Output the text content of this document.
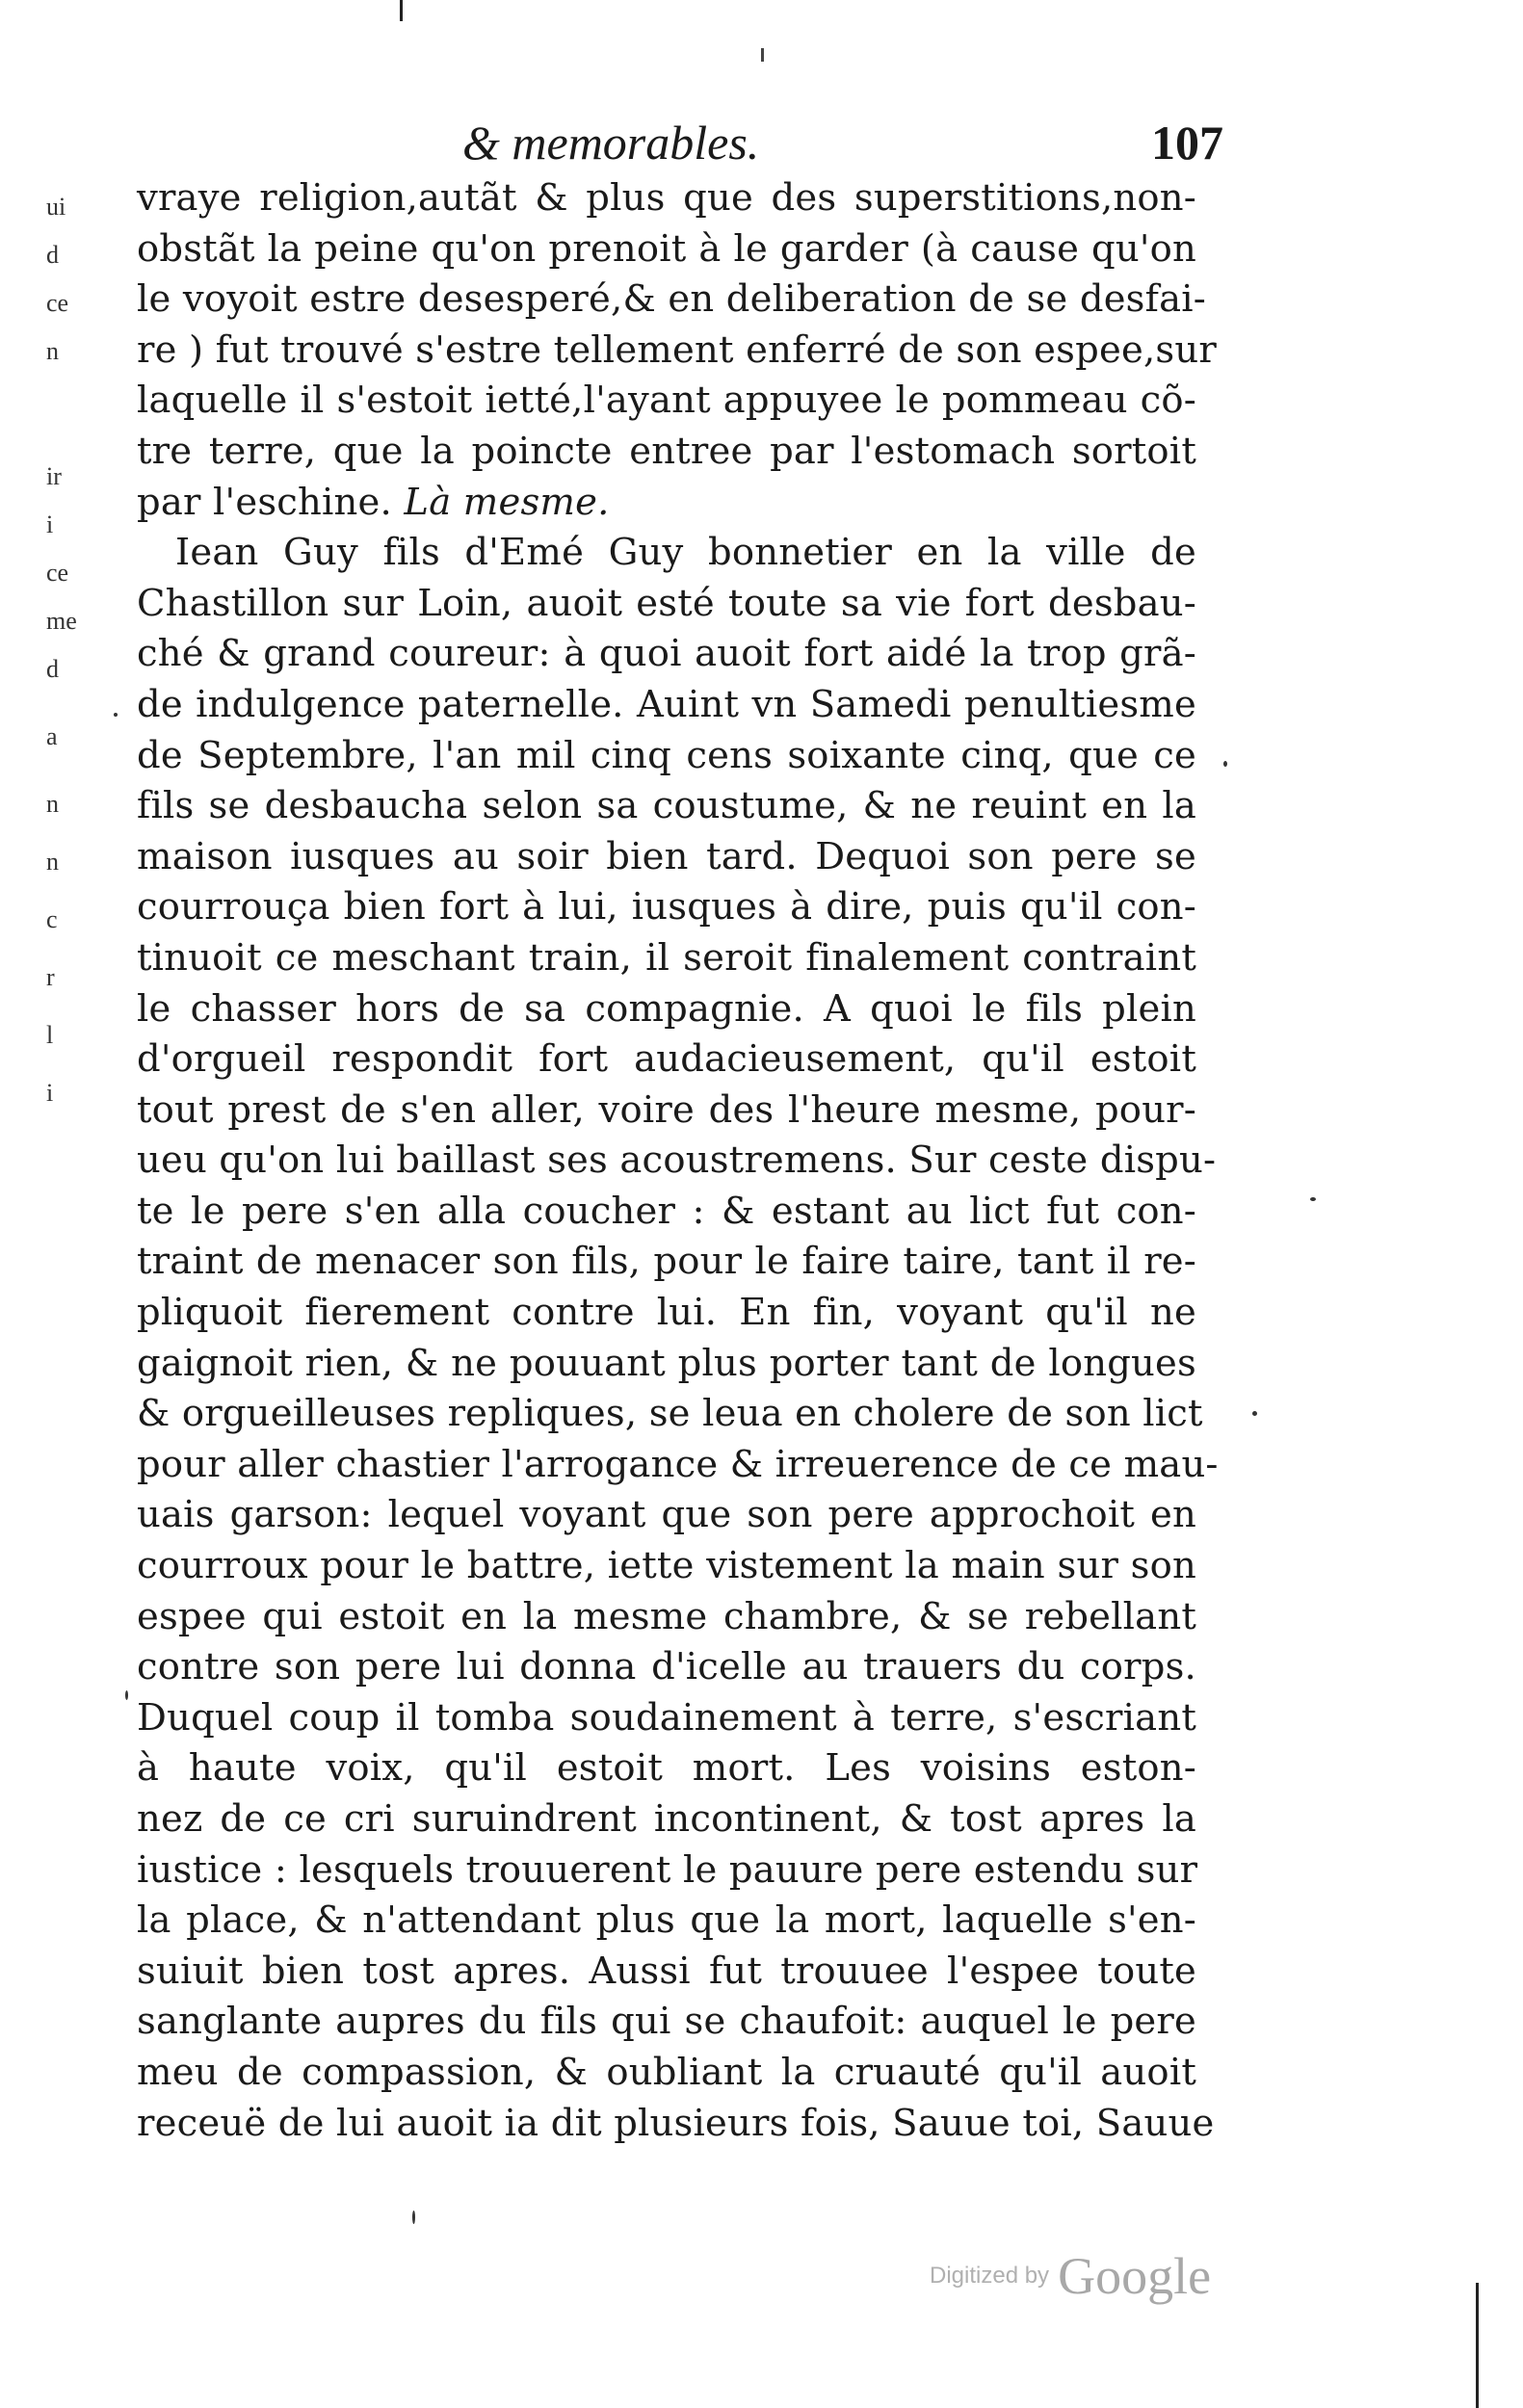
ui
d
ce
n
ir
i
ce
me
d
a
n
n
c
r
l
i
& memorables.	107
vraye religion,autãt & plus que des superstitions,non-
obstãt la peine qu'on prenoit à le garder (à cause qu'on
le voyoit estre desesperé,& en deliberation de se desfai-
re ) fut trouvé s'estre tellement enferré de son espee,sur
laquelle il s'estoit ietté,l'ayant appuyee le pommeau cõ-
tre terre, que la poincte entree par l'estomach sortoit
par l'eschine. Là mesme.
Iean Guy fils d'Emé Guy bonnetier en la ville de
Chastillon sur Loin, auoit esté toute sa vie fort desbau-
ché & grand coureur: à quoi auoit fort aidé la trop grã-
de indulgence paternelle. Auint vn Samedi penultiesme
de Septembre, l'an mil cinq cens soixante cinq, que ce
fils se desbaucha selon sa coustume, & ne reuint en la
maison iusques au soir bien tard. Dequoi son pere se
courrouça bien fort à lui, iusques à dire, puis qu'il con-
tinuoit ce meschant train, il seroit finalement contraint
le chasser hors de sa compagnie. A quoi le fils plein
d'orgueil respondit fort audacieusement, qu'il estoit
tout prest de s'en aller, voire des l'heure mesme, pour-
ueu qu'on lui baillast ses acoustremens. Sur ceste dispu-
te le pere s'en alla coucher : & estant au lict fut con-
traint de menacer son fils, pour le faire taire, tant il re-
pliquoit fierement contre lui. En fin, voyant qu'il ne
gaignoit rien, & ne pouuant plus porter tant de longues
& orgueilleuses repliques, se leua en cholere de son lict
pour aller chastier l'arrogance & irreuerence de ce mau-
uais garson: lequel voyant que son pere approchoit en
courroux pour le battre, iette vistement la main sur son
espee qui estoit en la mesme chambre, & se rebellant
contre son pere lui donna d'icelle au trauers du corps.
Duquel coup il tomba soudainement à terre, s'escriant
à haute voix, qu'il estoit mort. Les voisins eston-
nez de ce cri suruindrent incontinent, & tost apres la
iustice : lesquels trouuerent le pauure pere estendu sur
la place, & n'attendant plus que la mort, laquelle s'en-
suiuit bien tost apres. Aussi fut trouuee l'espee toute
sanglante aupres du fils qui se chaufoit: auquel le pere
meu de compassion, & oubliant la cruauté qu'il auoit
receuë de lui auoit ia dit plusieurs fois, Sauue toi, Sauue
Digitized by Google
